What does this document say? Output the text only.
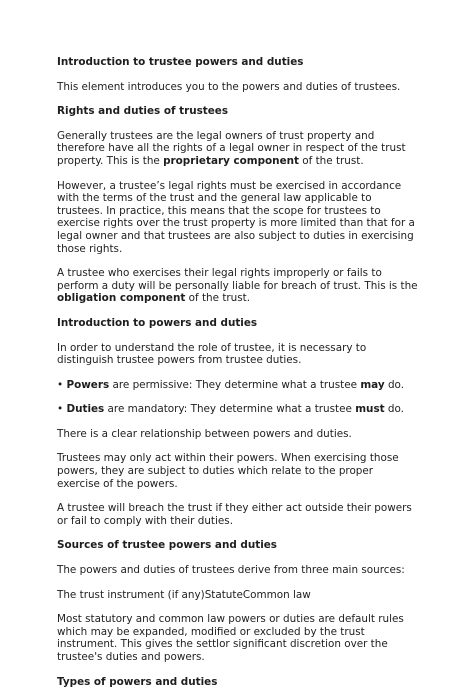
Introduction to trustee powers and duties

This element introduces you to the powers and duties of trustees.

Rights and duties of trustees

Generally trustees are the legal owners of trust property and therefore have all the rights of a legal owner in respect of the trust property. This is the proprietary component of the trust.

However, a trustee’s legal rights must be exercised in accordance with the terms of the trust and the general law applicable to trustees. In practice, this means that the scope for trustees to exercise rights over the trust property is more limited than that for a legal owner and that trustees are also subject to duties in exercising those rights.

A trustee who exercises their legal rights improperly or fails to perform a duty will be personally liable for breach of trust. This is the obligation component of the trust.

Introduction to powers and duties

In order to understand the role of trustee, it is necessary to distinguish trustee powers from trustee duties.

• Powers are permissive: They determine what a trustee may do.

• Duties are mandatory: They determine what a trustee must do.

There is a clear relationship between powers and duties.

Trustees may only act within their powers. When exercising those powers, they are subject to duties which relate to the proper exercise of the powers.

A trustee will breach the trust if they either act outside their powers or fail to comply with their duties.

Sources of trustee powers and duties

The powers and duties of trustees derive from three main sources:

The trust instrument (if any)StatuteCommon law

Most statutory and common law powers or duties are default rules which may be expanded, modified or excluded by the trust instrument. This gives the settlor significant discretion over the trustee's duties and powers.

Types of powers and duties
